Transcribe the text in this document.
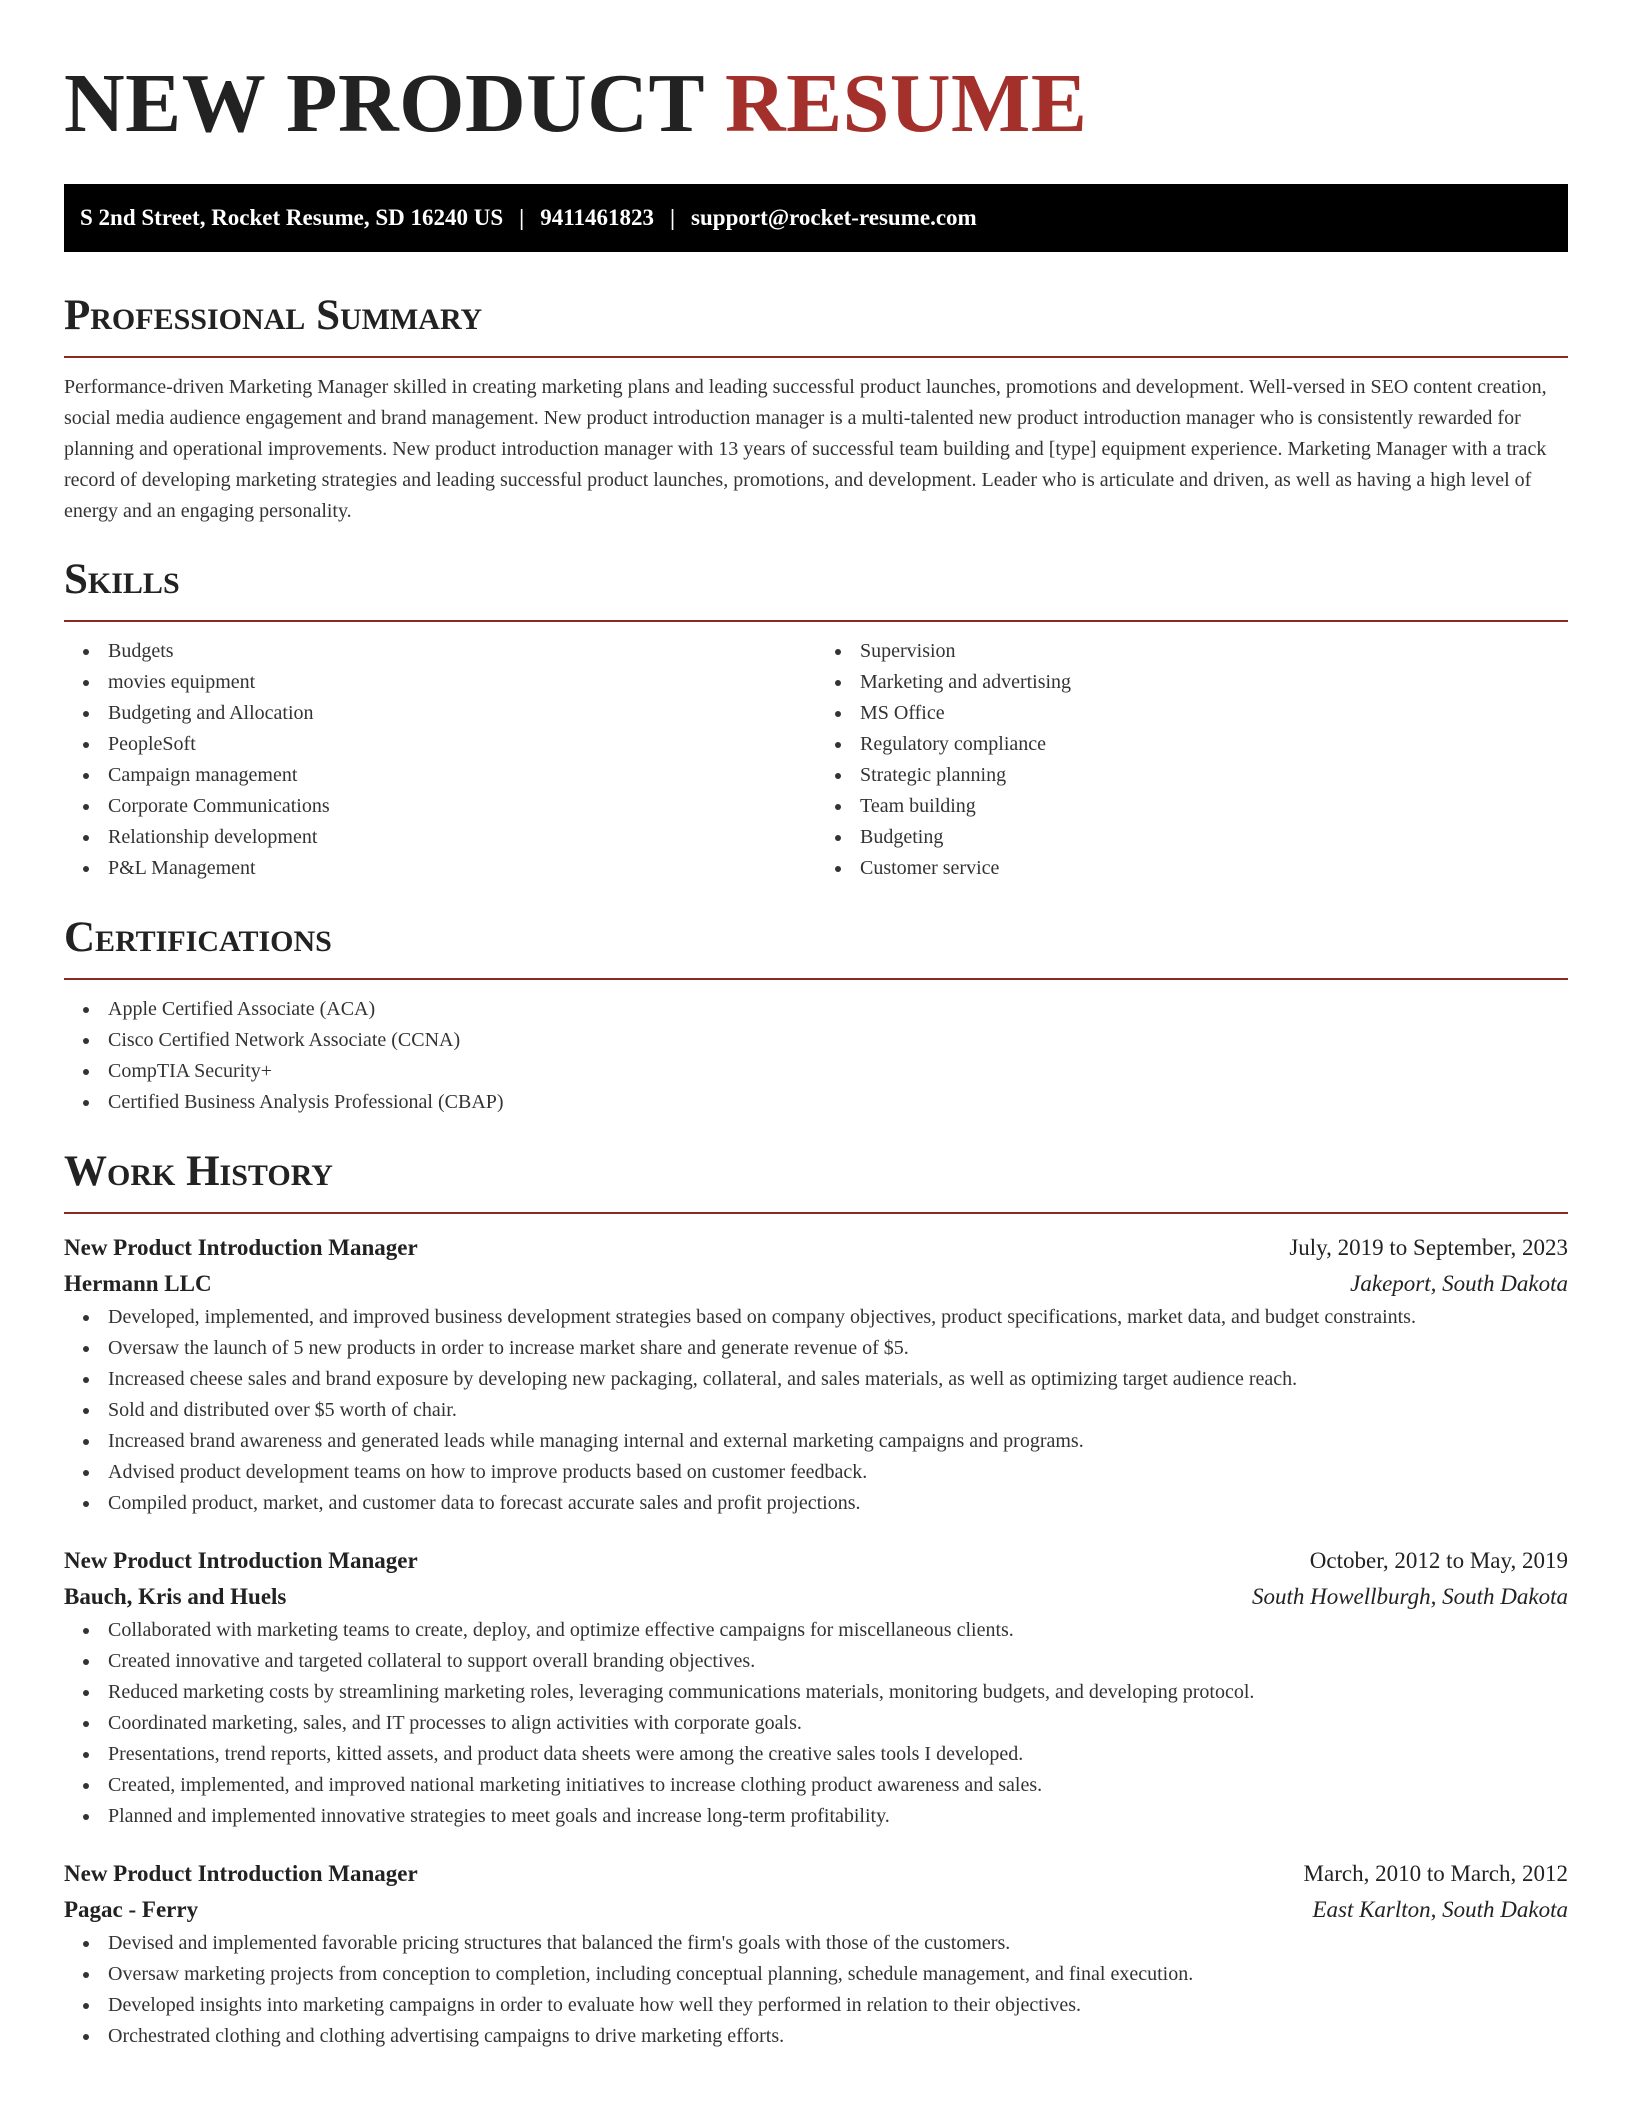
NEW PRODUCT RESUME
S 2nd Street, Rocket Resume, SD 16240 US | 9411461823 | support@rocket-resume.com
Professional Summary

Performance-driven Marketing Manager skilled in creating marketing plans and leading successful product launches, promotions and development. Well-versed in SEO content creation, social media audience engagement and brand management. New product introduction manager is a multi-talented new product introduction manager who is consistently rewarded for planning and operational improvements. New product introduction manager with 13 years of successful team building and [type] equipment experience. Marketing Manager with a track record of developing marketing strategies and leading successful product launches, promotions, and development. Leader who is articulate and driven, as well as having a high level of energy and an engaging personality.

Skills
Budgets
movies equipment
Budgeting and Allocation
PeopleSoft
Campaign management
Corporate Communications
Relationship development
P&L Management
Supervision
Marketing and advertising
MS Office
Regulatory compliance
Strategic planning
Team building
Budgeting
Customer service
Certifications
Apple Certified Associate (ACA)
Cisco Certified Network Associate (CCNA)
CompTIA Security+
Certified Business Analysis Professional (CBAP)
Work History
New Product Introduction Manager	July, 2019 to September, 2023
Hermann LLC	Jakeport, South Dakota
Developed, implemented, and improved business development strategies based on company objectives, product specifications, market data, and budget constraints.
Oversaw the launch of 5 new products in order to increase market share and generate revenue of $5.
Increased cheese sales and brand exposure by developing new packaging, collateral, and sales materials, as well as optimizing target audience reach.
Sold and distributed over $5 worth of chair.
Increased brand awareness and generated leads while managing internal and external marketing campaigns and programs.
Advised product development teams on how to improve products based on customer feedback.
Compiled product, market, and customer data to forecast accurate sales and profit projections.
New Product Introduction Manager	October, 2012 to May, 2019
Bauch, Kris and Huels	South Howellburgh, South Dakota
Collaborated with marketing teams to create, deploy, and optimize effective campaigns for miscellaneous clients.
Created innovative and targeted collateral to support overall branding objectives.
Reduced marketing costs by streamlining marketing roles, leveraging communications materials, monitoring budgets, and developing protocol.
Coordinated marketing, sales, and IT processes to align activities with corporate goals.
Presentations, trend reports, kitted assets, and product data sheets were among the creative sales tools I developed.
Created, implemented, and improved national marketing initiatives to increase clothing product awareness and sales.
Planned and implemented innovative strategies to meet goals and increase long-term profitability.
New Product Introduction Manager	March, 2010 to March, 2012
Pagac - Ferry	East Karlton, South Dakota
Devised and implemented favorable pricing structures that balanced the firm's goals with those of the customers.
Oversaw marketing projects from conception to completion, including conceptual planning, schedule management, and final execution.
Developed insights into marketing campaigns in order to evaluate how well they performed in relation to their objectives.
Orchestrated clothing and clothing advertising campaigns to drive marketing efforts.
